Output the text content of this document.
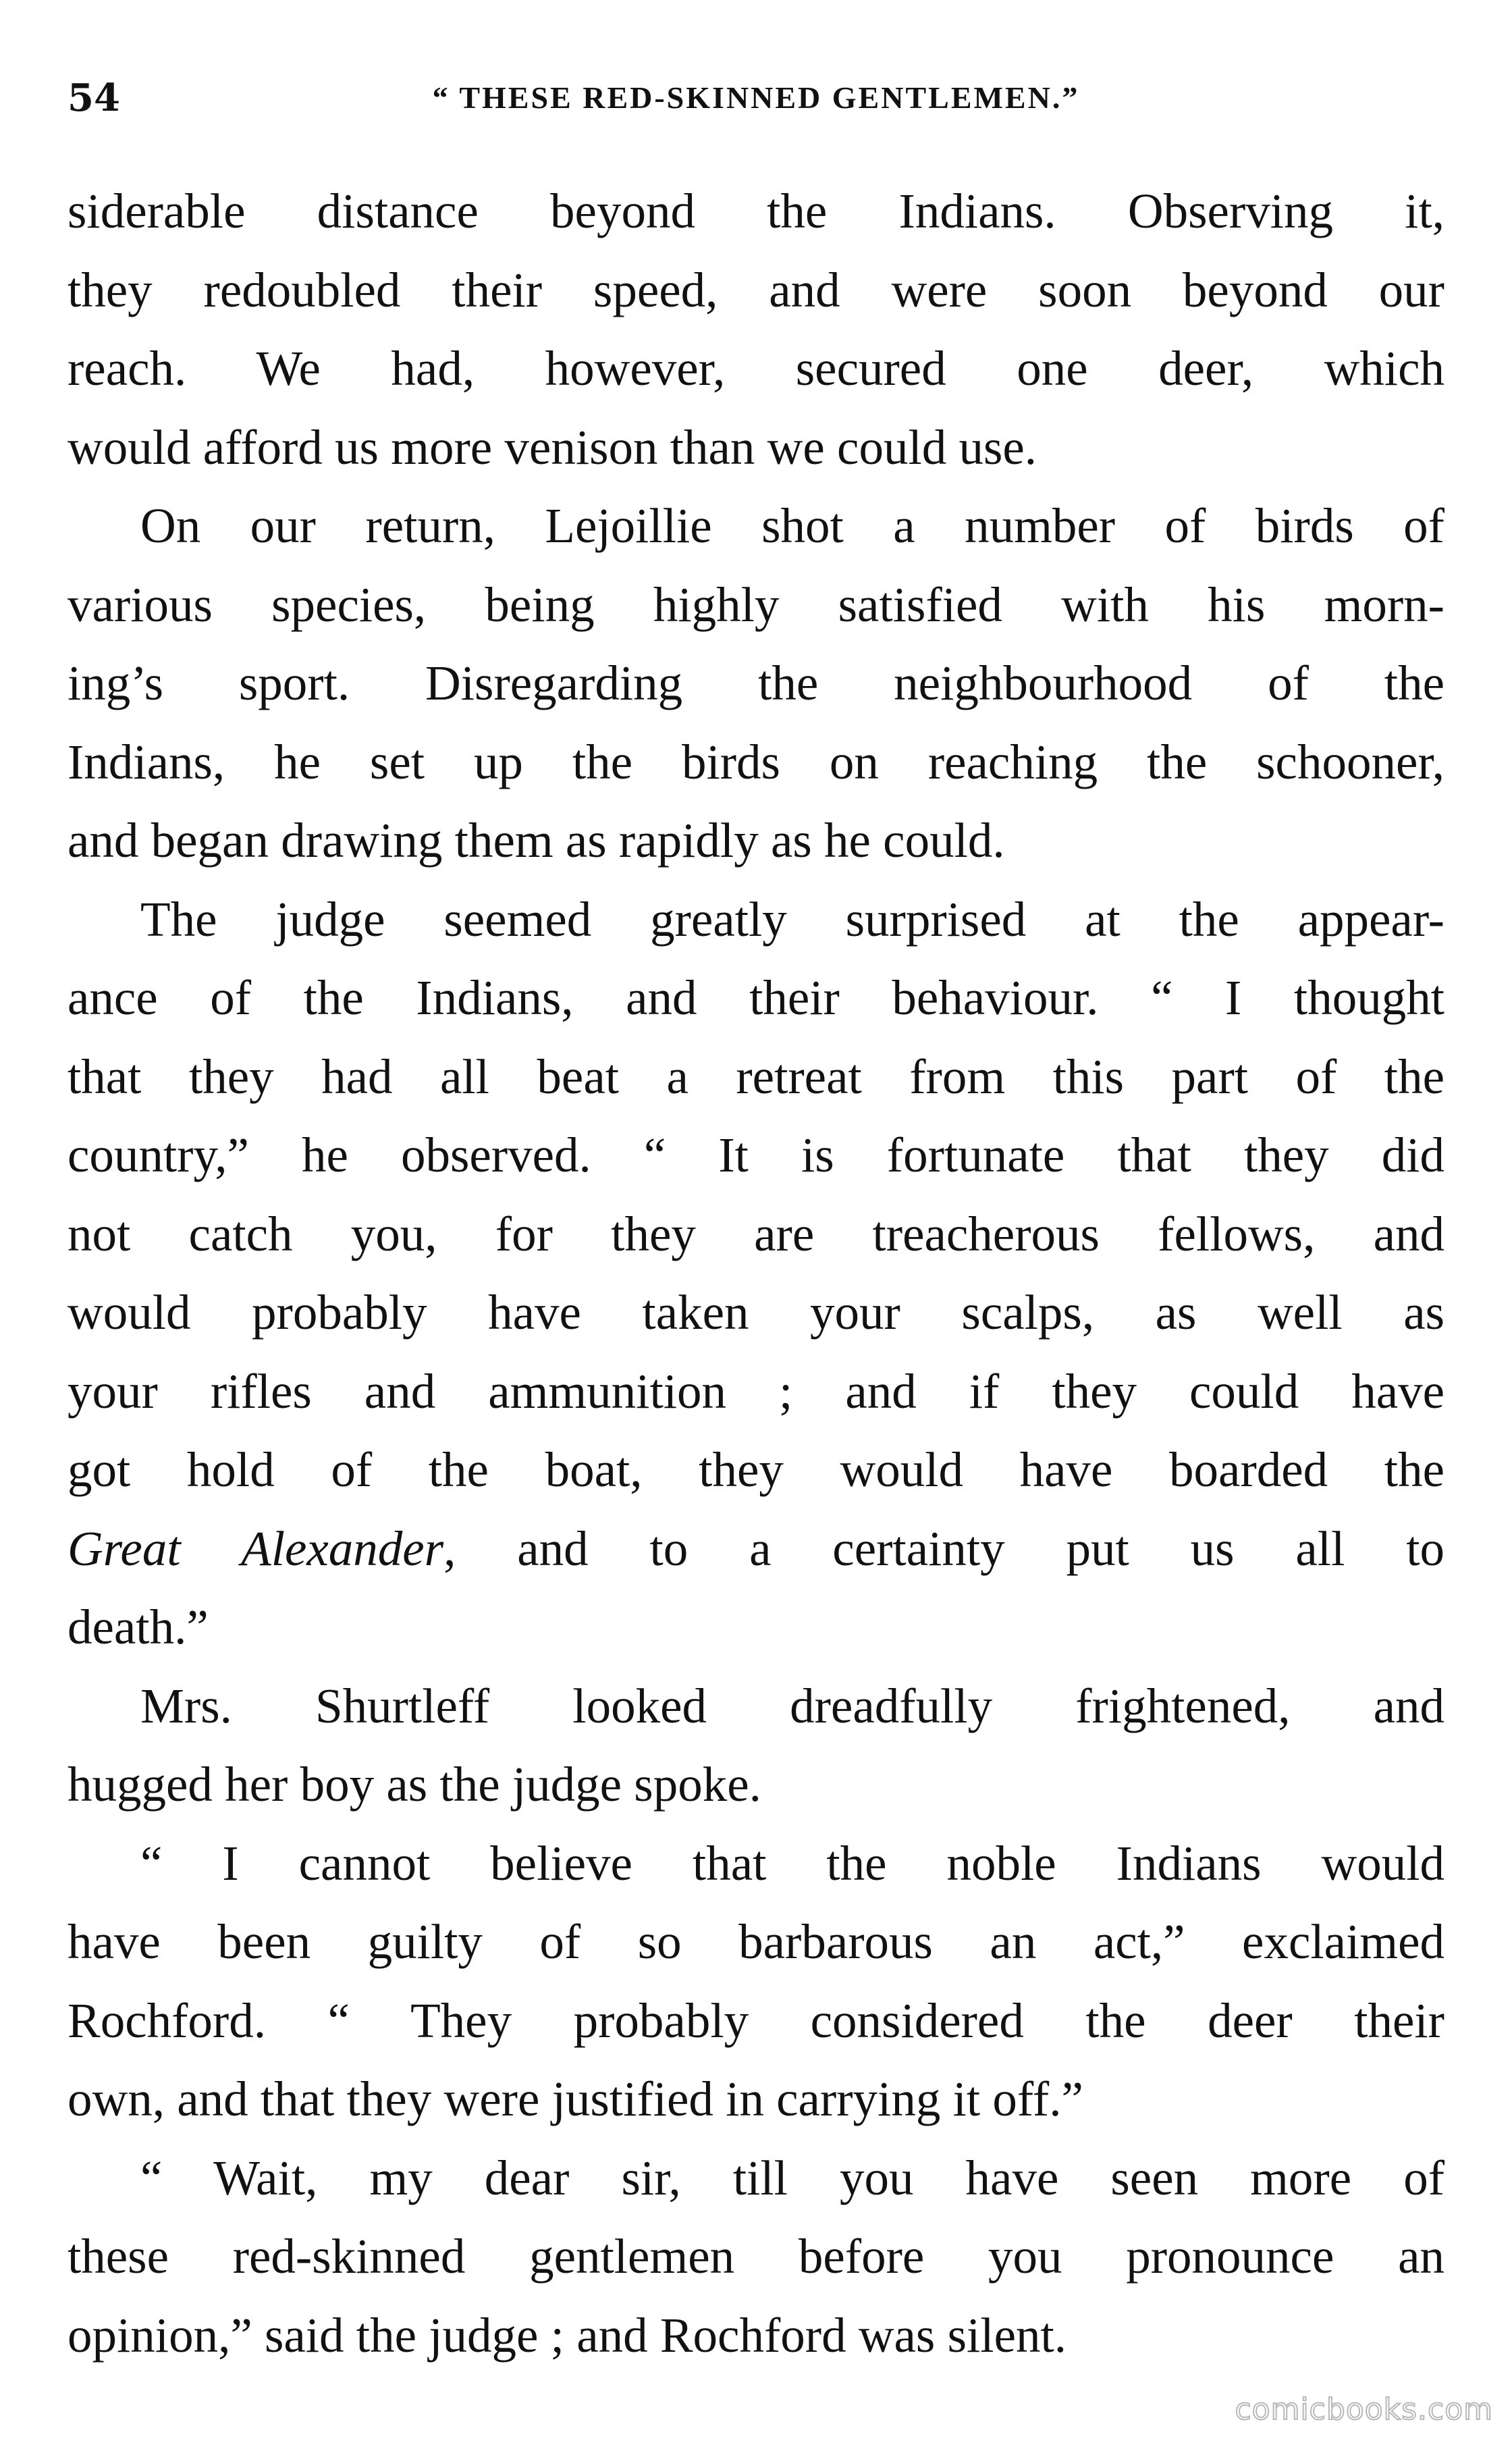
54	“ THESE RED-SKINNED GENTLEMEN.”
siderable distance beyond the Indians. Observing it,
they redoubled their speed, and were soon beyond our
reach. We had, however, secured one deer, which
would afford us more venison than we could use.
On our return, Lejoillie shot a number of birds of
various species, being highly satisfied with his morn-
ing’s sport. Disregarding the neighbourhood of the
Indians, he set up the birds on reaching the schooner,
and began drawing them as rapidly as he could.
The judge seemed greatly surprised at the appear-
ance of the Indians, and their behaviour. “ I thought
that they had all beat a retreat from this part of the
country,” he observed. “ It is fortunate that they did
not catch you, for they are treacherous fellows, and
would probably have taken your scalps, as well as
your rifles and ammunition ; and if they could have
got hold of the boat, they would have boarded the
Great Alexander, and to a certainty put us all to
death.”
Mrs. Shurtleff looked dreadfully frightened, and
hugged her boy as the judge spoke.
“ I cannot believe that the noble Indians would
have been guilty of so barbarous an act,” exclaimed
Rochford. “ They probably considered the deer their
own, and that they were justified in carrying it off.”
“ Wait, my dear sir, till you have seen more of
these red-skinned gentlemen before you pronounce an
opinion,” said the judge ; and Rochford was silent.
comicbooks.com
